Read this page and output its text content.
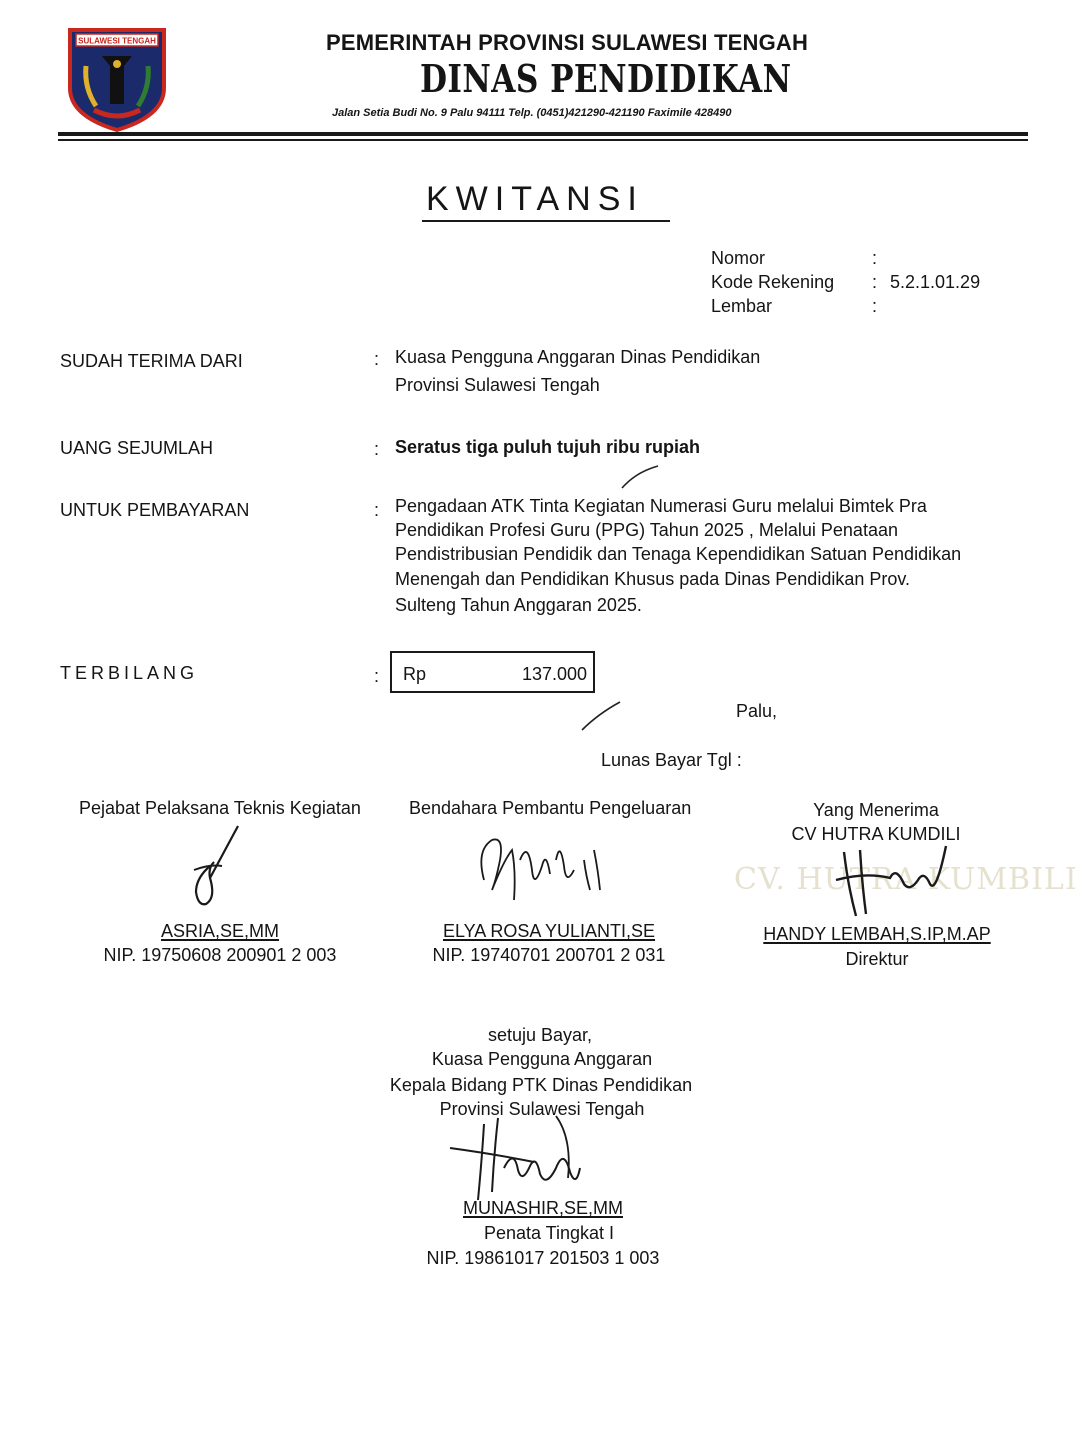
SULAWESI TENGAH	PEMERINTAH PROVINSI SULAWESI TENGAH
DINAS PENDIDIKAN
Jalan Setia Budi No. 9 Palu 94111 Telp. (0451)421290-421190 Faximile 428490
KWITANSI
Nomor	:
Kode Rekening : 5.2.1.01.29
Lembar	:
SUDAH TERIMA DARI	: Kuasa Pengguna Anggaran Dinas Pendidikan
Provinsi Sulawesi Tengah
UANG SEJUMLAH	: Seratus tiga puluh tujuh ribu rupiah
UNTUK PEMBAYARAN	: Pengadaan ATK Tinta Kegiatan Numerasi Guru melalui Bimtek Pra
Pendidikan Profesi Guru (PPG) Tahun 2025 , Melalui Penataan
Pendistribusian Pendidik dan Tenaga Kependidikan Satuan Pendidikan
Menengah dan Pendidikan Khusus pada Dinas Pendidikan Prov.
Sulteng Tahun Anggaran 2025.
TERBILANG	: Rp	137.000
Palu,
Lunas Bayar Tgl :
Pejabat Pelaksana Teknis Kegiatan
ASRIA,SE,MM
NIP. 19750608 200901 2 003
Bendahara Pembantu Pengeluaran
ELYA ROSA YULIANTI,SE
NIP. 19740701 200701 2 031
CV. HUTRA KUMBILI
Yang Menerima
CV HUTRA KUMDILI
HANDY LEMBAH,S.IP,M.AP
Direktur
setuju Bayar,
Kuasa Pengguna Anggaran
Kepala Bidang PTK Dinas Pendidikan
Provinsi Sulawesi Tengah
MUNASHIR,SE,MM
Penata Tingkat I
NIP. 19861017 201503 1 003
